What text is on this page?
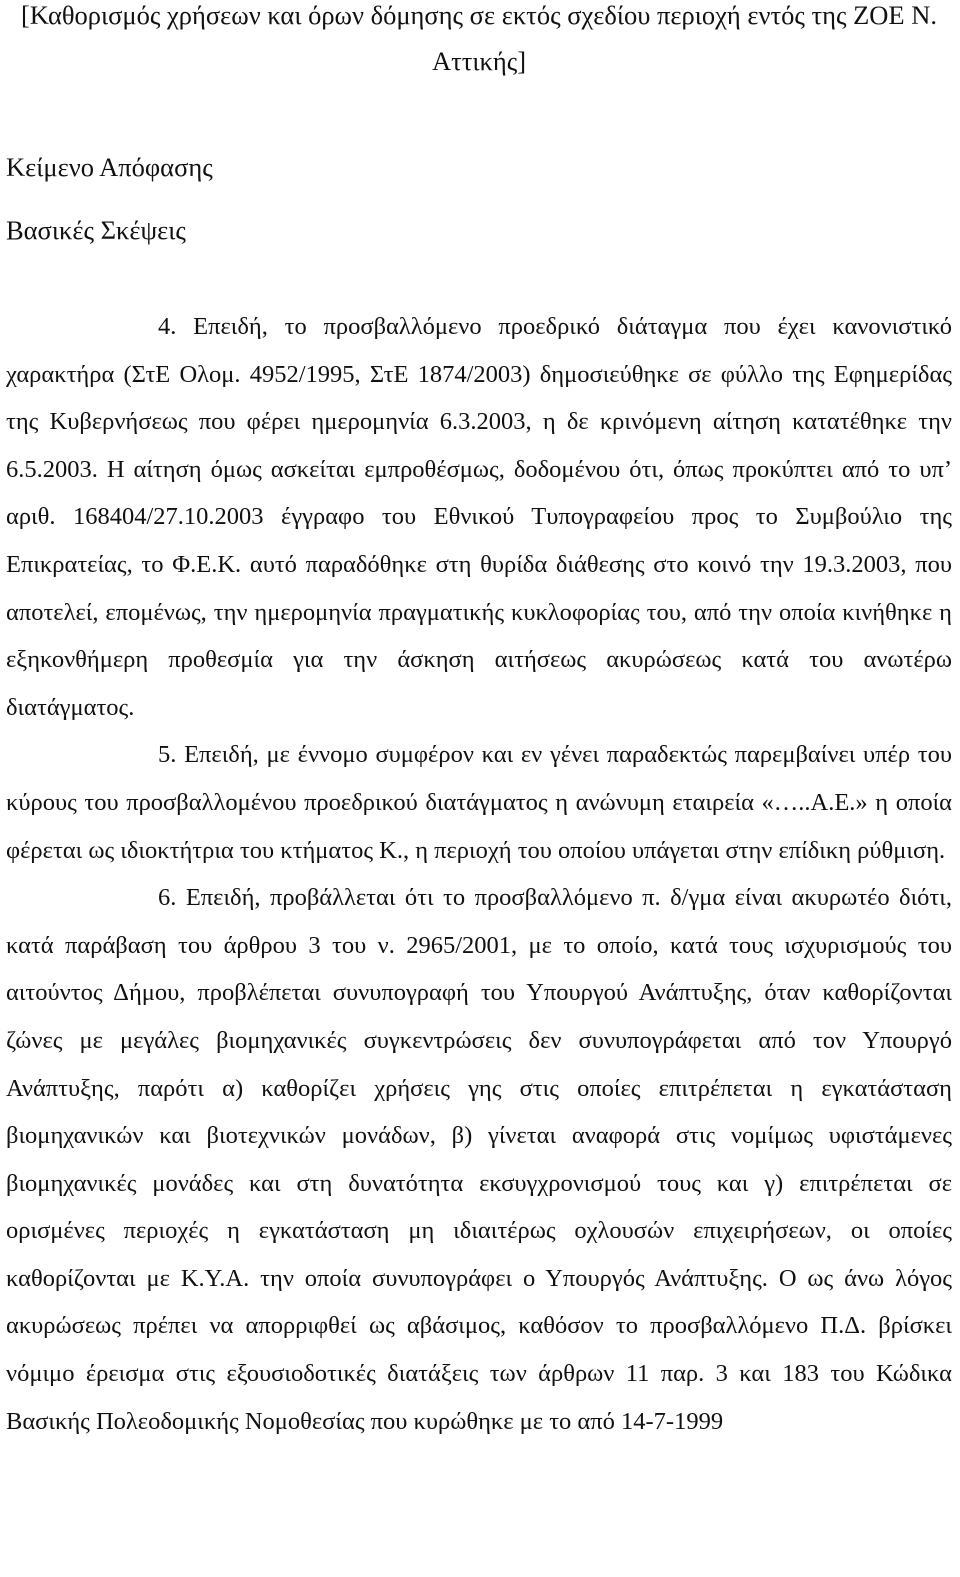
[Καθορισμός χρήσεων και όρων δόμησης σε εκτός σχεδίου περιοχή εντός της ΖΟΕ Ν. Αττικής]
Κείμενο Απόφασης
Βασικές Σκέψεις

4. Επειδή, το προσβαλλόμενο προεδρικό διάταγμα που έχει κανονιστικό χαρακτήρα (ΣτΕ Ολομ. 4952/1995, ΣτΕ 1874/2003) δημοσιεύθηκε σε φύλλο της Εφημερίδας της Κυβερνήσεως που φέρει ημερομηνία 6.3.2003, η δε κρινόμενη αίτηση κατατέθηκε την 6.5.2003. Η αίτηση όμως ασκείται εμπροθέσμως, δοδομένου ότι, όπως προκύπτει από το υπ’ αριθ. 168404/27.10.2003 έγγραφο του Εθνικού Τυπογραφείου προς το Συμβούλιο της Επικρατείας, το Φ.Ε.Κ. αυτό παραδόθηκε στη θυρίδα διάθεσης στο κοινό την 19.3.2003, που αποτελεί, επομένως, την ημερομηνία πραγματικής κυκλοφορίας του, από την οποία κινήθηκε η εξηκονθήμερη προθεσμία για την άσκηση αιτήσεως ακυρώσεως κατά του ανωτέρω διατάγματος.

5. Επειδή, με έννομο συμφέρον και εν γένει παραδεκτώς παρεμβαίνει υπέρ του κύρους του προσβαλλομένου προεδρικού διατάγματος η ανώνυμη εταιρεία «…..Α.Ε.» η οποία φέρεται ως ιδιοκτήτρια του κτήματος Κ., η περιοχή του οποίου υπάγεται στην επίδικη ρύθμιση.

6. Επειδή, προβάλλεται ότι το προσβαλλόμενο π. δ/γμα είναι ακυρωτέο διότι, κατά παράβαση του άρθρου 3 του ν. 2965/2001, με το οποίο, κατά τους ισχυρισμούς του αιτούντος Δήμου, προβλέπεται συνυπογραφή του Υπουργού Ανάπτυξης, όταν καθορίζονται ζώνες με μεγάλες βιομηχανικές συγκεντρώσεις δεν συνυπογράφεται από τον Υπουργό Ανάπτυξης, παρότι α) καθορίζει χρήσεις γης στις οποίες επιτρέπεται η εγκατάσταση βιομηχανικών και βιοτεχνικών μονάδων, β) γίνεται αναφορά στις νομίμως υφιστάμενες βιομηχανικές μονάδες και στη δυνατότητα εκσυγχρονισμού τους και γ) επιτρέπεται σε ορισμένες περιοχές η εγκατάσταση μη ιδιαιτέρως οχλουσών επιχειρήσεων, οι οποίες καθορίζονται με Κ.Υ.Α. την οποία συνυπογράφει ο Υπουργός Ανάπτυξης. Ο ως άνω λόγος ακυρώσεως πρέπει να απορριφθεί ως αβάσιμος, καθόσον το προσβαλλόμενο Π.Δ. βρίσκει νόμιμο έρεισμα στις εξουσιοδοτικές διατάξεις των άρθρων 11 παρ. 3 και 183 του Κώδικα Βασικής Πολεοδομικής Νομοθεσίας που κυρώθηκε με το από 14-7-1999
